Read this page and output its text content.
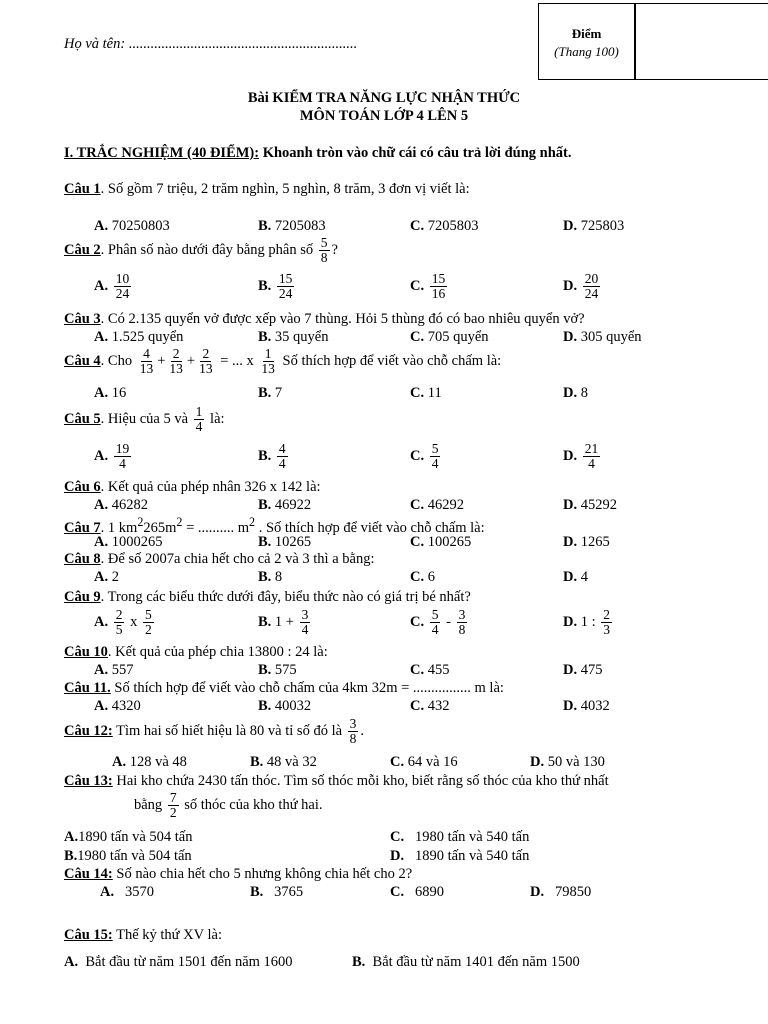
Họ và tên: ...............................................................
Điểm
(Thang 100)
Bài KIỂM TRA NĂNG LỰC NHẬN THỨC
MÔN TOÁN LỚP 4 LÊN 5
I. TRẮC NGHIỆM (40 ĐIỂM): Khoanh tròn vào chữ cái có câu trả lời đúng nhất.
Câu 1. Số gồm 7 triệu, 2 trăm nghìn, 5 nghìn, 8 trăm, 3 đơn vị viết là:
A. 70250803	B. 7205083	C. 7205803	D. 725803
Câu 2. Phân số nào dưới đây bằng phân số $\frac{5}{8}$ ?
A. $\frac{10}{24}$	B. $\frac{15}{24}$	C. $\frac{15}{16}$	D. $\frac{20}{24}$
Câu 3. Có 2.135 quyển vở được xếp vào 7 thùng. Hỏi 5 thùng đó có bao nhiêu quyển vở?
A. 1.525 quyển	B. 35 quyển	C. 705 quyển	D. 305 quyển
Câu 4. Cho $\frac{4}{13} + \frac{2}{13} + \frac{2}{13}$ = ... x $\frac{1}{13}$ Số thích hợp để viết vào chỗ chấm là:
A. 16	B. 7	C. 11	D. 8
Câu 5. Hiệu của 5 và $\frac{1}{4}$ là:
A. $\frac{19}{4}$	B. $\frac{4}{4}$	C. $\frac{5}{4}$	D. $\frac{21}{4}$
Câu 6. Kết quả của phép nhân 326 x 142 là:
A. 46282	B. 46922	C. 46292	D. 45292
Câu 7. 1 $km^2265m^2$ = .......... $m^2$ . Số thích hợp để viết vào chỗ chấm là:
A. 1000265	B. 10265	C. 100265	D. 1265
Câu 8. Để số 2007a chia hết cho cả 2 và 3 thì a bằng:
A. 2	B. 8	C. 6	D. 4
Câu 9. Trong các biểu thức dưới đây, biểu thức nào có giá trị bé nhất?
A. $\frac{2}{5}$ x $\frac{5}{2}$	B. $1 + \frac{3}{4}$	C. $\frac{5}{4} - \frac{3}{8}$	D. 1 : $\frac{2}{3}$
Câu 10. Kết quả của phép chia 13800 : 24 là:
A. 557	B. 575	C. 455	D. 475
Câu 11. Số thích hợp để viết vào chỗ chấm của 4km 32m = ................ m là:
A. 4320	B. 40032	C. 432	D. 4032
Câu 12: Tìm hai số hiết hiệu là 80 và tỉ số đó là $\frac{3}{8}$ .
A. 128 và 48	B. 48 và 32	C. 64 và 16	D. 50 và 130
Câu 13: Hai kho chứa 2430 tấn thóc. Tìm số thóc mỗi kho, biết rằng số thóc của kho thứ nhất
bằng $\frac{7}{2}$ số thóc của kho thứ hai.
A.1890 tấn và 504 tấn	C. 1980 tấn và 540 tấn
B.1980 tấn và 504 tấn	D. 1890 tấn và 540 tấn
Câu 14: Số nào chia hết cho 5 nhưng không chia hết cho 2?
A. 3570	B. 3765	C. 6890	D. 79850
Câu 15: Thế kỷ thứ XV là:
A. Bắt đầu từ năm 1501 đến năm 1600	B. Bắt đầu từ năm 1401 đến năm 1500
